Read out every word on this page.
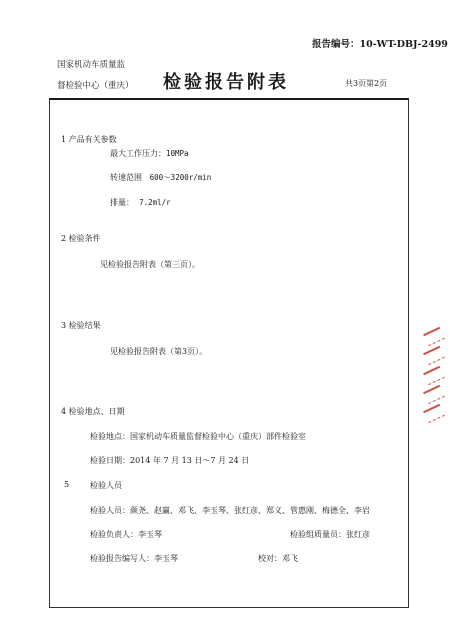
报告编号：10-WT-DBJ-2499
国家机动车质量监
督检验中心（重庆） 检验报告附表	共3页第2页
1 产品有关参数
最大工作压力：10MPa
转速范围 600～3200r/min
排量： 7.2ml/r
2 检验条件
见检验报告附表（第三页）。
3 检验结果
见检验报告附表（第3页）。
4 检验地点、日期
检验地点：国家机动车质量监督检验中心（重庆）部件检验室
检验日期：2014 年 7 月 13 日～7 月 24 日
5	检验人员
检验人员：颜尧、赵赢、邓飞、李玉琴、张红彦、郑义、管惠刚、梅德全、李岩
检验负责人：李玉琴	检验组质量员：张红彦
检验报告编写人：李玉琴	校对：邓飞
